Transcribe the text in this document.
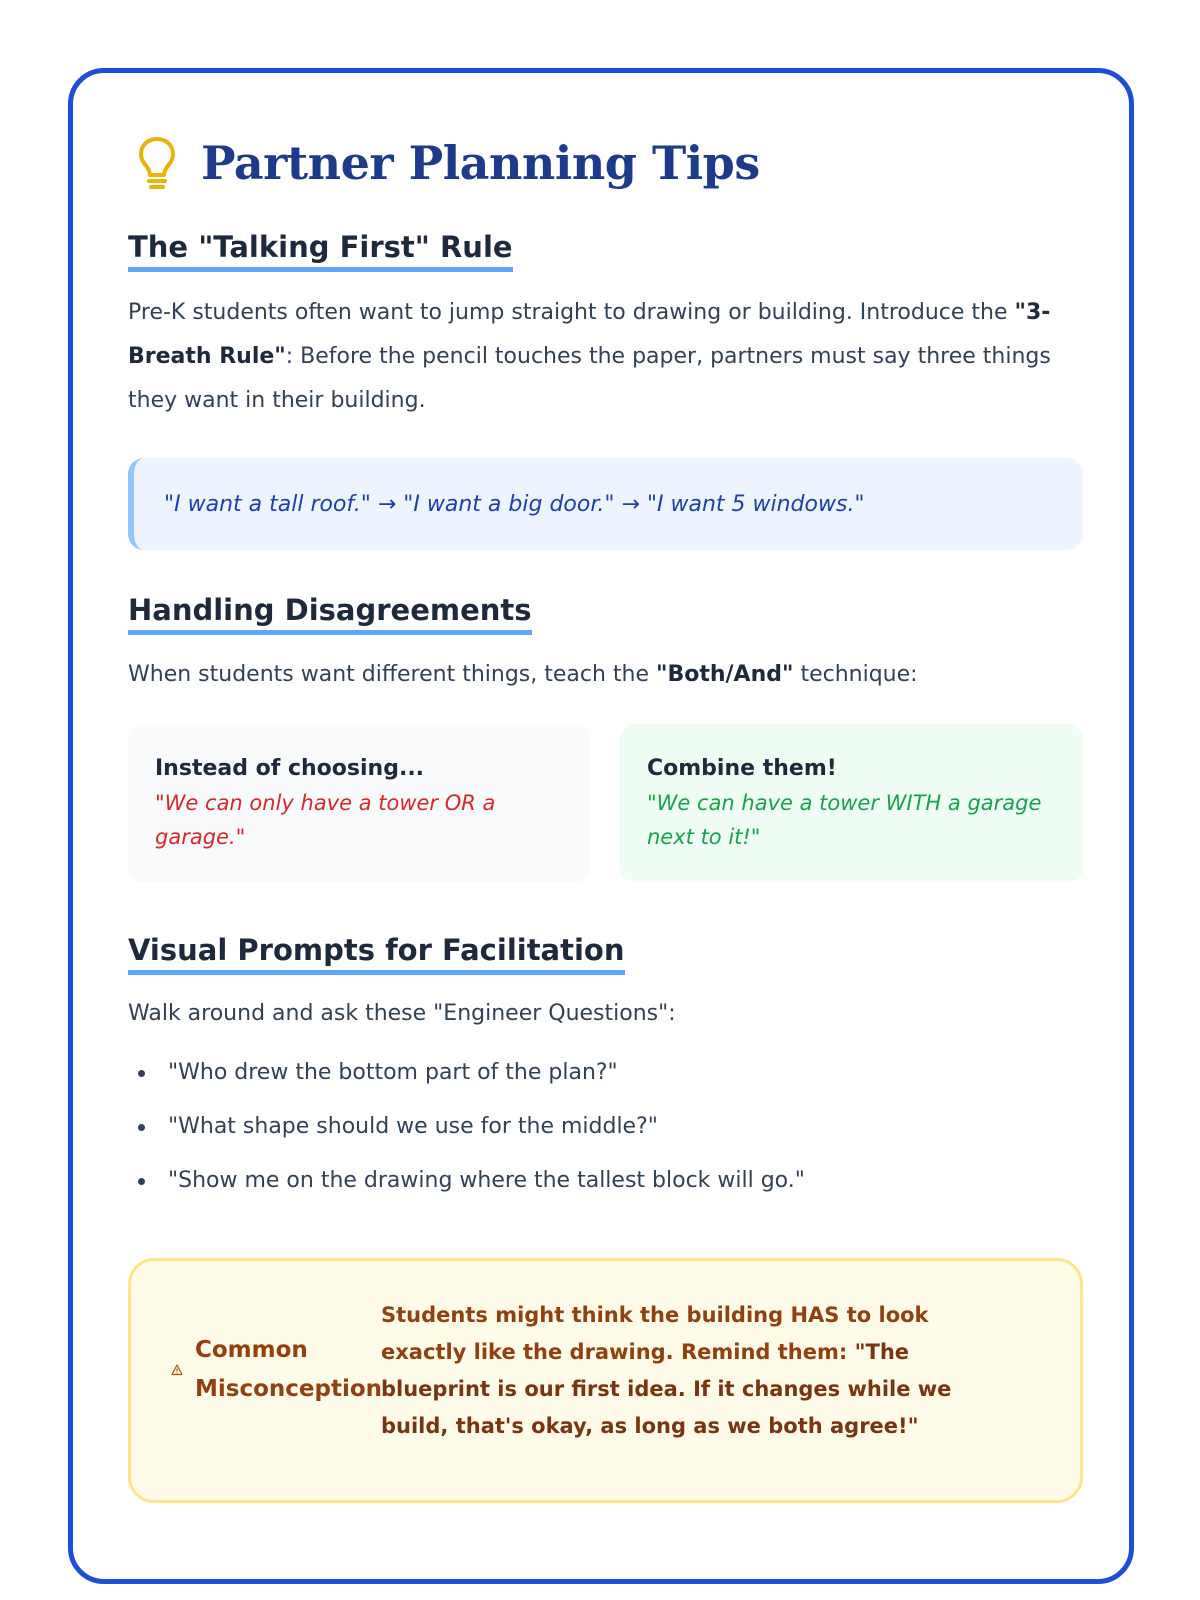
Partner Planning Tips
The "Talking First" Rule
Pre-K students often want to jump straight to drawing or building. Introduce the "3-Breath Rule": Before the pencil touches the paper, partners must say three things they want in their building.
"I want a tall roof." → "I want a big door." → "I want 5 windows."
Handling Disagreements
When students want different things, teach the "Both/And" technique:
Instead of choosing...
"We can only have a tower OR a garage."
Combine them!
"We can have a tower WITH a garage next to it!"
Visual Prompts for Facilitation
Walk around and ask these "Engineer Questions":
"Who drew the bottom part of the plan?"
"What shape should we use for the middle?"
"Show me on the drawing where the tallest block will go."
Common Misconception
Students might think the building HAS to look exactly like the drawing. Remind them: "The blueprint is our first idea. If it changes while we build, that's okay, as long as we both agree!"
